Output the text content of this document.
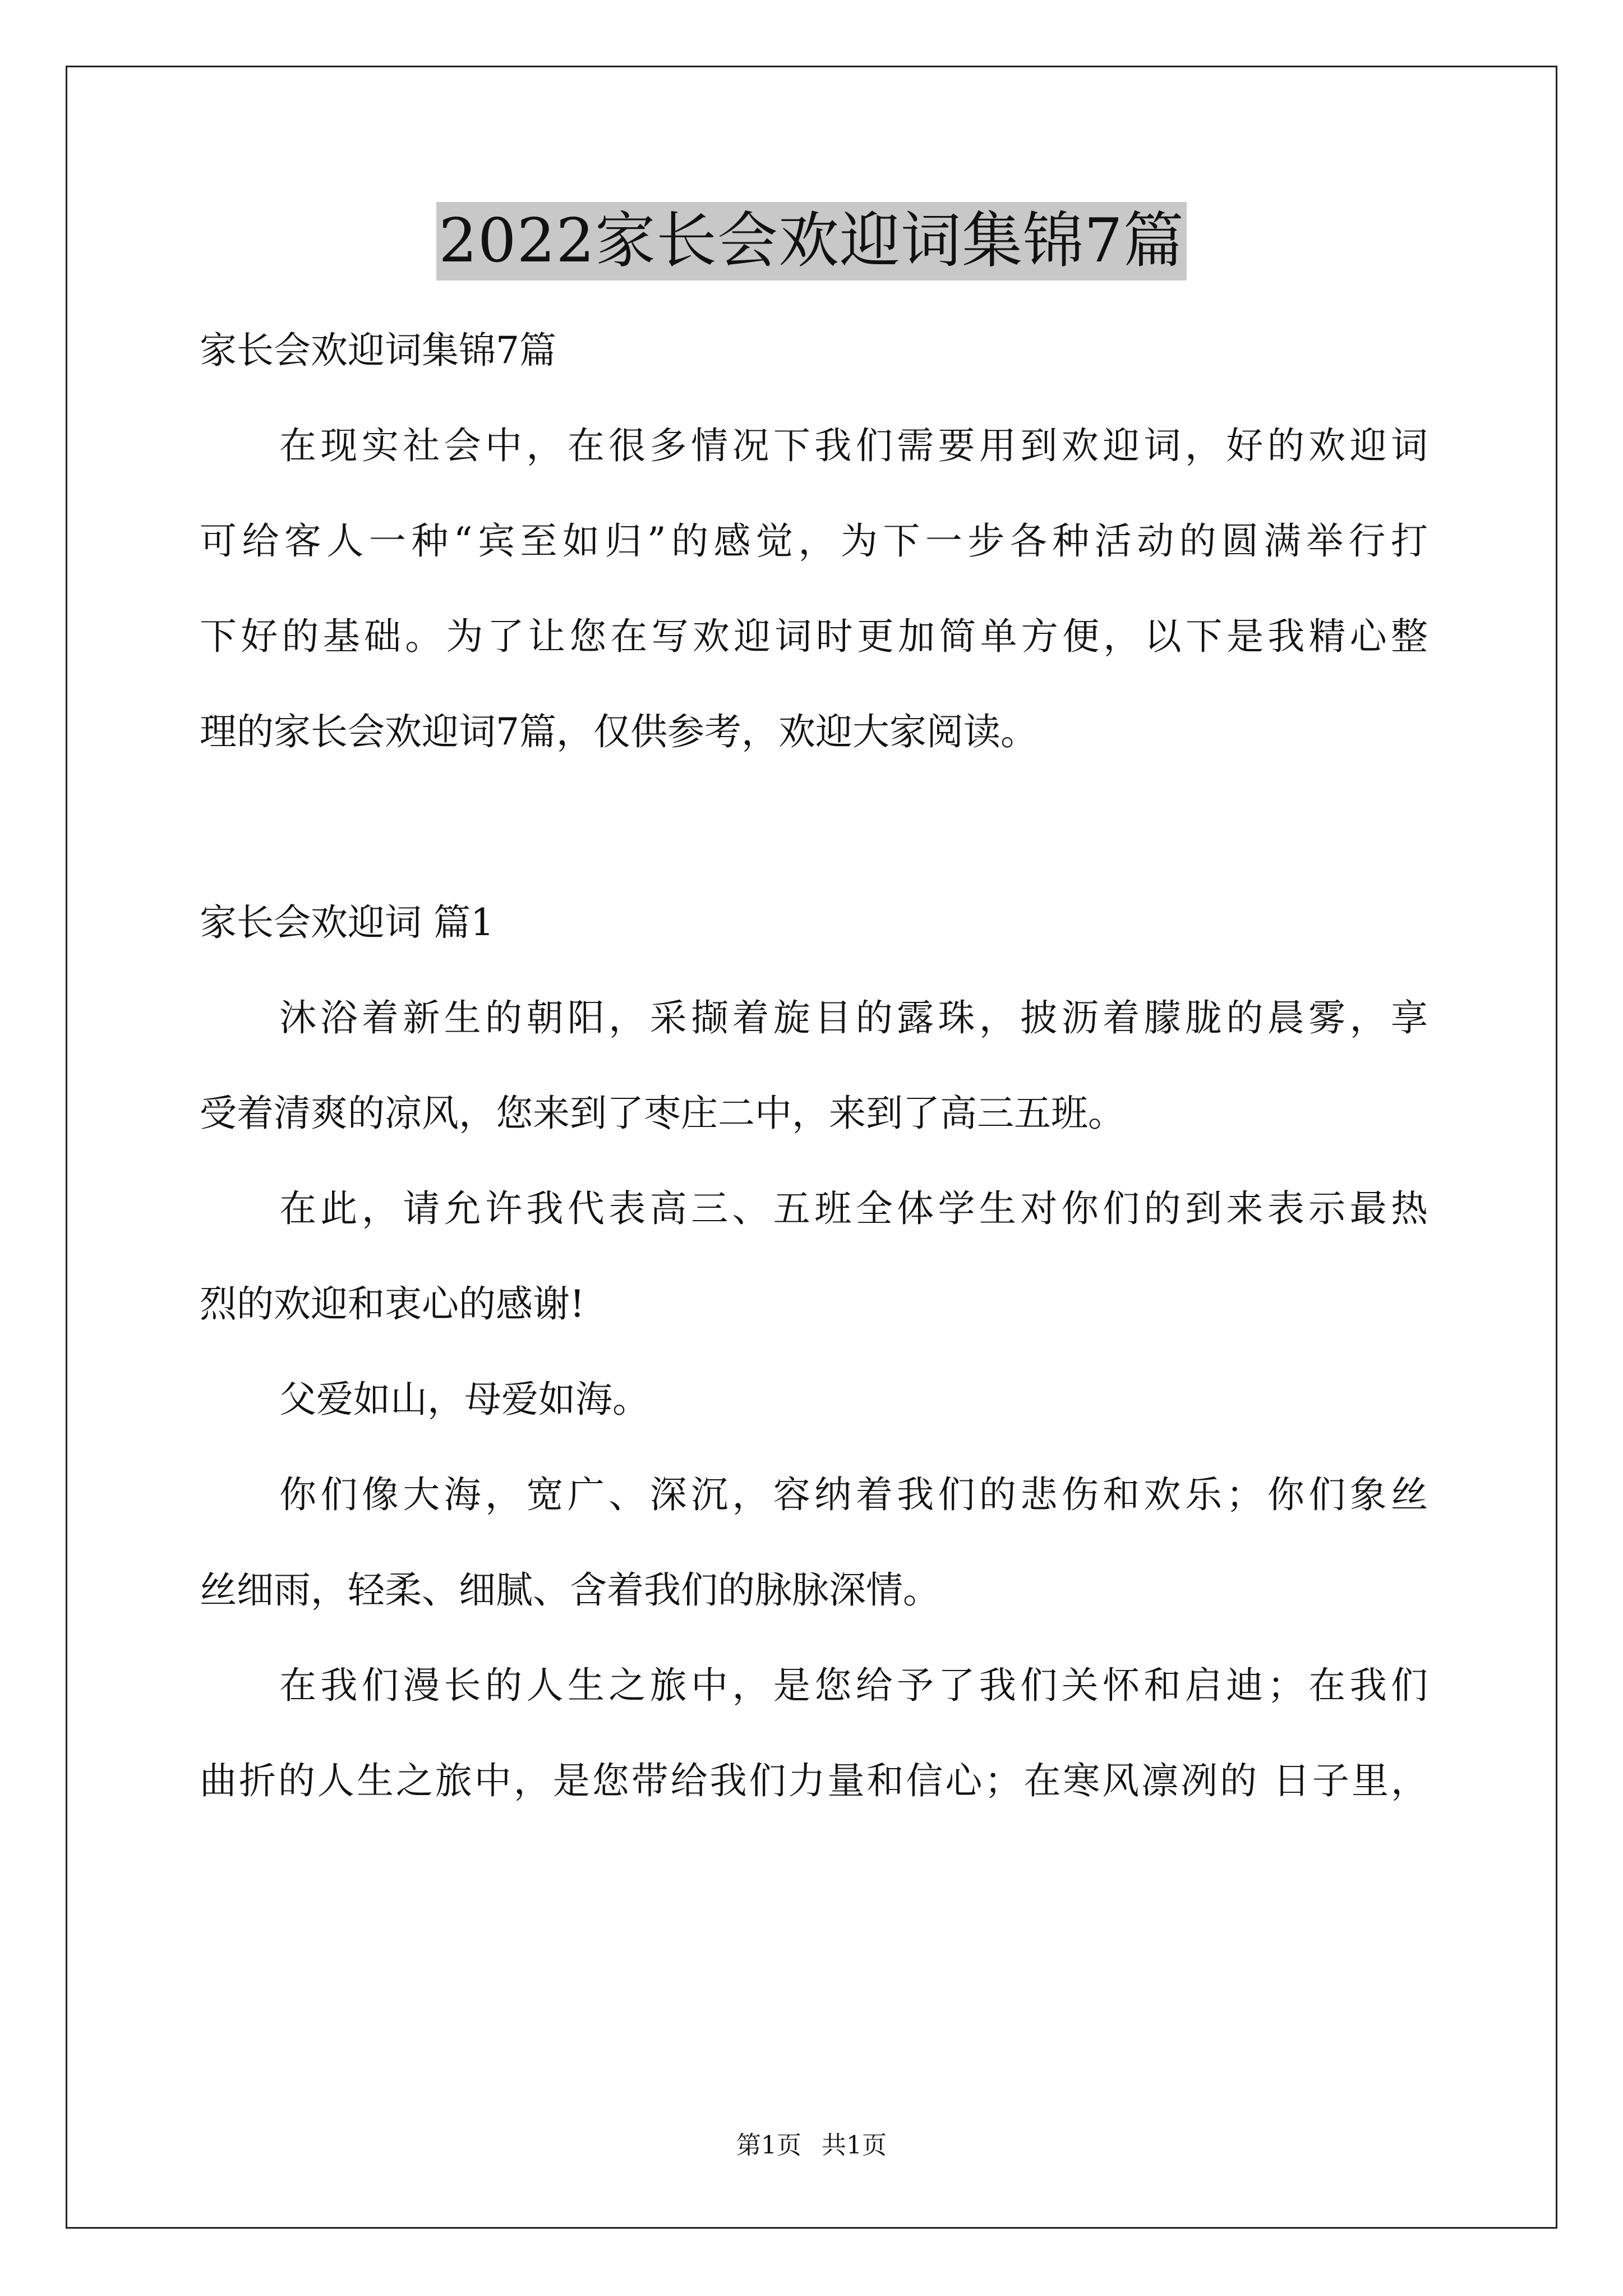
2022家长会欢迎词集锦7篇
家长会欢迎词集锦7篇
在现实社会中，在很多情况下我们需要用到欢迎词，好的欢迎词
可给客人一种“宾至如归”的感觉，为下一步各种活动的圆满举行打
下好的基础。为了让您在写欢迎词时更加简单方便，以下是我精心整
理的家长会欢迎词7篇，仅供参考，欢迎大家阅读。
家长会欢迎词 篇1
沐浴着新生的朝阳，采撷着旋目的露珠，披沥着朦胧的晨雾，享
受着清爽的凉风，您来到了枣庄二中，来到了高三五班。
在此，请允许我代表高三、五班全体学生对你们的到来表示最热
烈的欢迎和衷心的感谢!
父爱如山，母爱如海。
你们像大海，宽广、深沉，容纳着我们的悲伤和欢乐；你们象丝
丝细雨，轻柔、细腻、含着我们的脉脉深情。
在我们漫长的人生之旅中，是您给予了我们关怀和启迪；在我们
曲折的人生之旅中，是您带给我们力量和信心；在寒风凛冽的 日子里，
第1页 共1页
